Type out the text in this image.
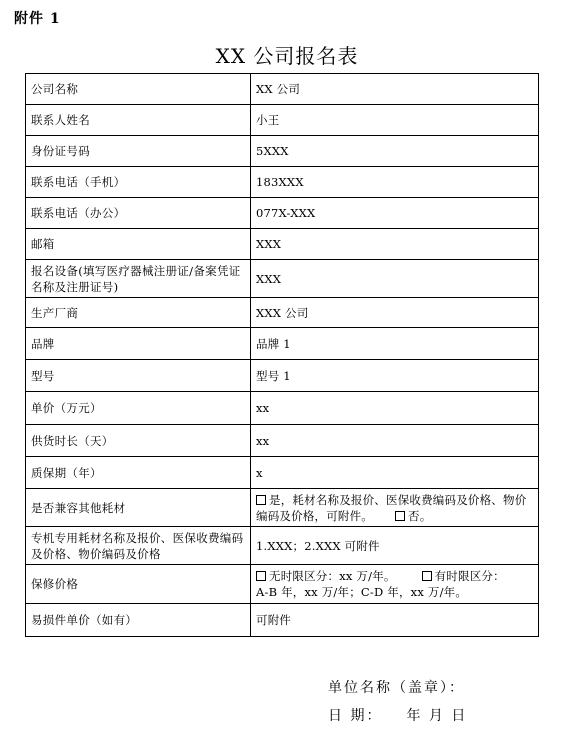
附件 1
XX 公司报名表
公司名称	XX 公司
联系人姓名	小王
身份证号码	5XXX
联系电话（手机）	183XXX
联系电话（办公）	077X-XXX
邮箱	XXX
报名设备(填写医疗器械注册证/备案凭证名称及注册证号)	XXX
生产厂商	XXX 公司
品牌	品牌 1
型号	型号 1
单价（万元）	xx
供货时长（天）	xx
质保期（年）	x
是否兼容其他耗材	是，耗材名称及报价、医保收费编码及价格、物价编码及价格，可附件。 否。
专机专用耗材名称及报价、医保收费编码及价格、物价编码及价格	1.XXX；2.XXX 可附件
保修价格	无时限区分：xx 万/年。 有时限区分：
A-B 年，xx 万/年；C-D 年，xx 万/年。
易损件单价（如有）	可附件
单位名称（盖章）：
日 期： 年 月 日
